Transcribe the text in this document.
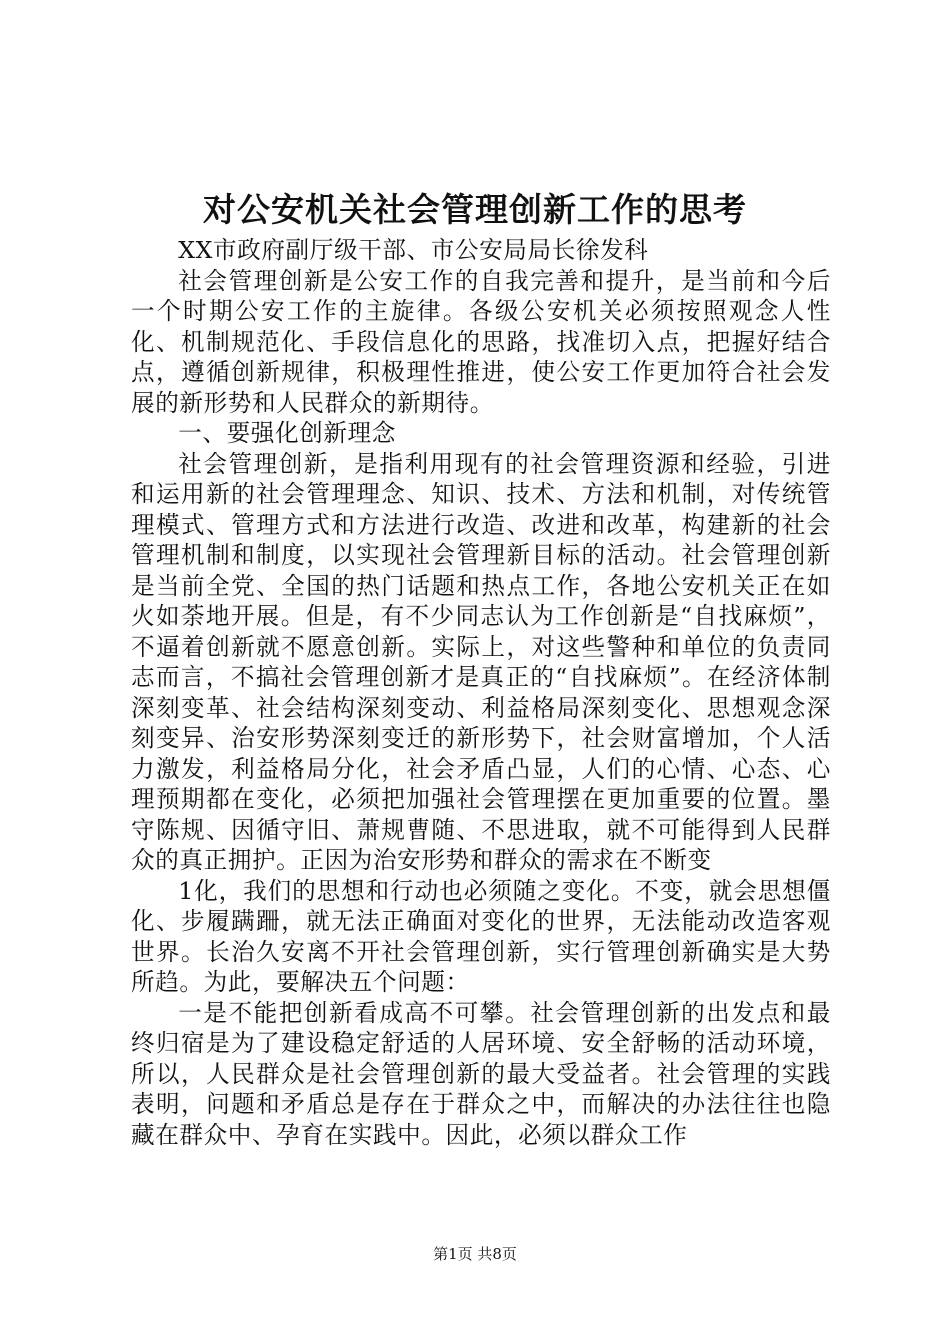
对公安机关社会管理创新工作的思考

XX市政府副厅级干部、市公安局局长徐发科

社会管理创新是公安工作的自我完善和提升，是当前和今后一个时期公安工作的主旋律。各级公安机关必须按照观念人性化、机制规范化、手段信息化的思路，找准切入点，把握好结合点，遵循创新规律，积极理性推进，使公安工作更加符合社会发展的新形势和人民群众的新期待。

一、要强化创新理念

社会管理创新，是指利用现有的社会管理资源和经验，引进和运用新的社会管理理念、知识、技术、方法和机制，对传统管理模式、管理方式和方法进行改造、改进和改革，构建新的社会管理机制和制度，以实现社会管理新目标的活动。社会管理创新是当前全党、全国的热门话题和热点工作，各地公安机关正在如火如荼地开展。但是，有不少同志认为工作创新是“自找麻烦”，不逼着创新就不愿意创新。实际上，对这些警种和单位的负责同志而言，不搞社会管理创新才是真正的“自找麻烦”。在经济体制深刻变革、社会结构深刻变动、利益格局深刻变化、思想观念深刻变异、治安形势深刻变迁的新形势下，社会财富增加，个人活力激发，利益格局分化，社会矛盾凸显，人们的心情、心态、心理预期都在变化，必须把加强社会管理摆在更加重要的位置。墨守陈规、因循守旧、萧规曹随、不思进取，就不可能得到人民群众的真正拥护。正因为治安形势和群众的需求在不断变

1化，我们的思想和行动也必须随之变化。不变，就会思想僵化、步履蹒跚，就无法正确面对变化的世界，无法能动改造客观世界。长治久安离不开社会管理创新，实行管理创新确实是大势所趋。为此，要解决五个问题：

一是不能把创新看成高不可攀。社会管理创新的出发点和最终归宿是为了建设稳定舒适的人居环境、安全舒畅的活动环境，所以，人民群众是社会管理创新的最大受益者。社会管理的实践表明，问题和矛盾总是存在于群众之中，而解决的办法往往也隐藏在群众中、孕育在实践中。因此，必须以群众工作

第1页 共8页
